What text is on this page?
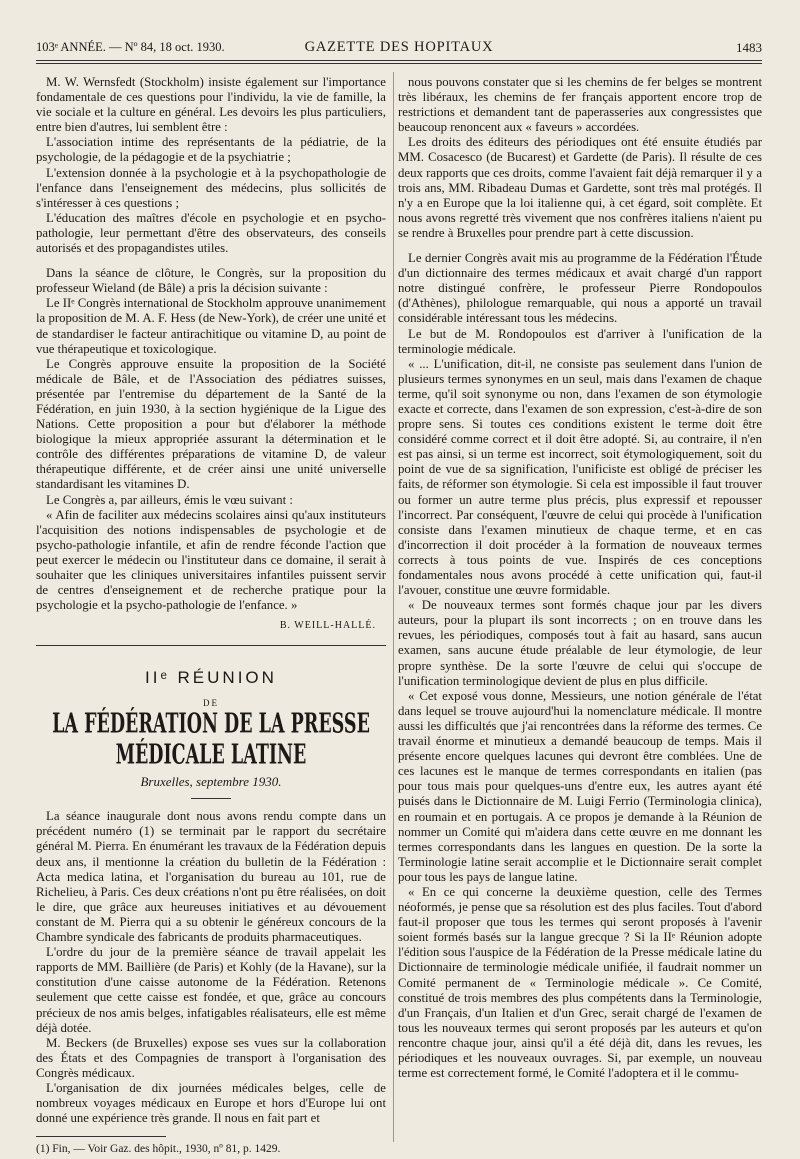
103ᵉ ANNÉE. — Nº 84, 18 oct. 1930.	GAZETTE DES HOPITAUX	1483

M. W. Wernsfedt (Stockholm) insiste également sur l'importance fondamentale de ces questions pour l'individu, la vie de famille, la vie sociale et la culture en général. Les devoirs les plus particuliers, entre bien d'autres, lui semblent être :

L'association intime des représentants de la pédiatrie, de la psychologie, de la pédagogie et de la psychiatrie ;

L'extension donnée à la psychologie et à la psychopathologie de l'enfance dans l'enseignement des médecins, plus sollicités de s'intéresser à ces questions ;

L'éducation des maîtres d'école en psychologie et en psycho-pathologie, leur permettant d'être des observateurs, des conseils autorisés et des propagandistes utiles.

Dans la séance de clôture, le Congrès, sur la proposition du professeur Wieland (de Bâle) a pris la décision suivante :

Le IIᵉ Congrès international de Stockholm approuve unanimement la proposition de M. A. F. Hess (de New-York), de créer une unité et de standardiser le facteur antirachitique ou vitamine D, au point de vue thérapeutique et toxicologique.

Le Congrès approuve ensuite la proposition de la Société médicale de Bâle, et de l'Association des pédiatres suisses, présentée par l'entremise du département de la Santé de la Fédération, en juin 1930, à la section hygiénique de la Ligue des Nations. Cette proposition a pour but d'élaborer la méthode biologique la mieux appropriée assurant la détermination et le contrôle des différentes préparations de vitamine D, de valeur thérapeutique différente, et de créer ainsi une unité universelle standardisant les vitamines D.

Le Congrès a, par ailleurs, émis le vœu suivant :

« Afin de faciliter aux médecins scolaires ainsi qu'aux instituteurs l'acquisition des notions indispensables de psychologie et de psycho-pathologie infantile, et afin de rendre féconde l'action que peut exercer le médecin ou l'instituteur dans ce domaine, il serait à souhaiter que les cliniques universitaires infantiles puissent servir de centres d'enseignement et de recherche pratique pour la psychologie et la psycho-pathologie de l'enfance. »

B. WEILL-HALLÉ.
IIᵉ RÉUNION
DE
LA FÉDÉRATION DE LA PRESSE MÉDICALE LATINE
Bruxelles, septembre 1930.

La séance inaugurale dont nous avons rendu compte dans un précédent numéro (1) se terminait par le rapport du secrétaire général M. Pierra. En énumérant les travaux de la Fédération depuis deux ans, il mentionne la création du bulletin de la Fédération : Acta medica latina, et l'organisation du bureau au 101, rue de Richelieu, à Paris. Ces deux créations n'ont pu être réalisées, on doit le dire, que grâce aux heureuses initiatives et au dévouement constant de M. Pierra qui a su obtenir le généreux concours de la Chambre syndicale des fabricants de produits pharmaceutiques.

L'ordre du jour de la première séance de travail appelait les rapports de MM. Baillière (de Paris) et Kohly (de la Havane), sur la constitution d'une caisse autonome de la Fédération. Retenons seulement que cette caisse est fondée, et que, grâce au concours précieux de nos amis belges, infatigables réalisateurs, elle est même déjà dotée.

M. Beckers (de Bruxelles) expose ses vues sur la collaboration des États et des Compagnies de transport à l'organisation des Congrès médicaux.

L'organisation de dix journées médicales belges, celle de nombreux voyages médicaux en Europe et hors d'Europe lui ont donné une expérience très grande. Il nous en fait part et

(1) Fin, — Voir Gaz. des hôpit., 1930, nº 81, p. 1429.

nous pouvons constater que si les chemins de fer belges se montrent très libéraux, les chemins de fer français apportent encore trop de restrictions et demandent tant de paperasseries aux congressistes que beaucoup renoncent aux « faveurs » accordées.

Les droits des éditeurs des périodiques ont été ensuite étudiés par MM. Cosacesco (de Bucarest) et Gardette (de Paris). Il résulte de ces deux rapports que ces droits, comme l'avaient fait déjà remarquer il y a trois ans, MM. Ribadeau Dumas et Gardette, sont très mal protégés. Il n'y a en Europe que la loi italienne qui, à cet égard, soit complète. Et nous avons regretté très vivement que nos confrères italiens n'aient pu se rendre à Bruxelles pour prendre part à cette discussion.

Le dernier Congrès avait mis au programme de la Fédération l'Étude d'un dictionnaire des termes médicaux et avait chargé d'un rapport notre distingué confrère, le professeur Pierre Rondopoulos (d'Athènes), philologue remarquable, qui nous a apporté un travail considérable intéressant tous les médecins.

Le but de M. Rondopoulos est d'arriver à l'unification de la terminologie médicale.

« ... L'unification, dit-il, ne consiste pas seulement dans l'union de plusieurs termes synonymes en un seul, mais dans l'examen de chaque terme, qu'il soit synonyme ou non, dans l'examen de son étymologie exacte et correcte, dans l'examen de son expression, c'est-à-dire de son propre sens. Si toutes ces conditions existent le terme doit être considéré comme correct et il doit être adopté. Si, au contraire, il n'en est pas ainsi, si un terme est incorrect, soit étymologiquement, soit du point de vue de sa signification, l'unificiste est obligé de préciser les faits, de réformer son étymologie. Si cela est impossible il faut trouver ou former un autre terme plus précis, plus expressif et repousser l'incorrect. Par conséquent, l'œuvre de celui qui procède à l'unification consiste dans l'examen minutieux de chaque terme, et en cas d'incorrection il doit procéder à la formation de nouveaux termes corrects à tous points de vue. Inspirés de ces conceptions fondamentales nous avons procédé à cette unification qui, faut-il l'avouer, constitue une œuvre formidable.

« De nouveaux termes sont formés chaque jour par les divers auteurs, pour la plupart ils sont incorrects ; on en trouve dans les revues, les périodiques, composés tout à fait au hasard, sans aucun examen, sans aucune étude préalable de leur étymologie, de leur propre synthèse. De la sorte l'œuvre de celui qui s'occupe de l'unification terminologique devient de plus en plus difficile.

« Cet exposé vous donne, Messieurs, une notion générale de l'état dans lequel se trouve aujourd'hui la nomenclature médicale. Il montre aussi les difficultés que j'ai rencontrées dans la réforme des termes. Ce travail énorme et minutieux a demandé beaucoup de temps. Mais il présente encore quelques lacunes qui devront être comblées. Une de ces lacunes est le manque de termes correspondants en italien (pas pour tous mais pour quelques-uns d'entre eux, les autres ayant été puisés dans le Dictionnaire de M. Luigi Ferrio (Terminologia clinica), en roumain et en portugais. A ce propos je demande à la Réunion de nommer un Comité qui m'aidera dans cette œuvre en me donnant les termes correspondants dans les langues en question. De la sorte la Terminologie latine serait accomplie et le Dictionnaire serait complet pour tous les pays de langue latine.

« En ce qui concerne la deuxième question, celle des Termes néoformés, je pense que sa résolution est des plus faciles. Tout d'abord faut-il proposer que tous les termes qui seront proposés à l'avenir soient formés basés sur la langue grecque ? Si la IIᵉ Réunion adopte l'édition sous l'auspice de la Fédération de la Presse médicale latine du Dictionnaire de terminologie médicale unifiée, il faudrait nommer un Comité permanent de « Terminologie médicale ». Ce Comité, constitué de trois membres des plus compétents dans la Terminologie, d'un Français, d'un Italien et d'un Grec, serait chargé de l'examen de tous les nouveaux termes qui seront proposés par les auteurs et qu'on rencontre chaque jour, ainsi qu'il a été déjà dit, dans les revues, les périodiques et les nouveaux ouvrages. Si, par exemple, un nouveau terme est correctement formé, le Comité l'adoptera et il le commu-
